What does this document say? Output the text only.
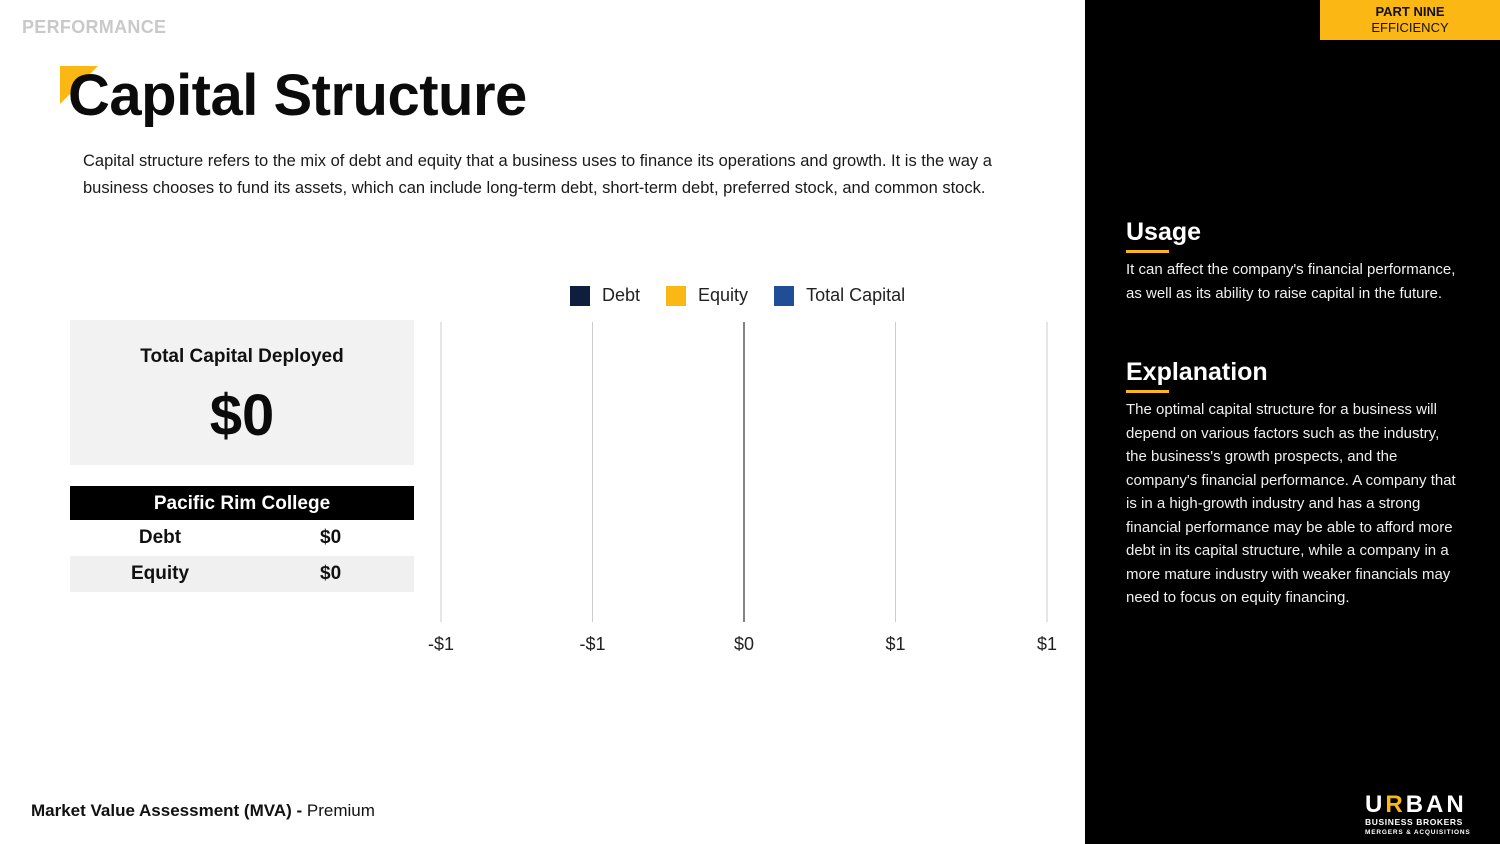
PERFORMANCE
Capital Structure

Capital structure refers to the mix of debt and equity that a business uses to finance its operations and growth. It is the way a business chooses to fund its assets, which can include long-term debt, short-term debt, preferred stock, and common stock.

Debt	Equity	Total Capital
Total Capital Deployed
$0
Pacific Rim College
Debt	$0
Equity	$0
-$1	-$1	$0	$1	$1
Market Value Assessment (MVA) - Premium
PART NINE
EFFICIENCY
Usage

It can affect the company's financial performance, as well as its ability to raise capital in the future.

Explanation

The optimal capital structure for a business will depend on various factors such as the industry, the business's growth prospects, and the company's financial performance. A company that is in a high-growth industry and has a strong financial performance may be able to afford more debt in its capital structure, while a company in a more mature industry with weaker financials may need to focus on equity financing.

URBAN
BUSINESS BROKERS
MERGERS & ACQUISITIONS
